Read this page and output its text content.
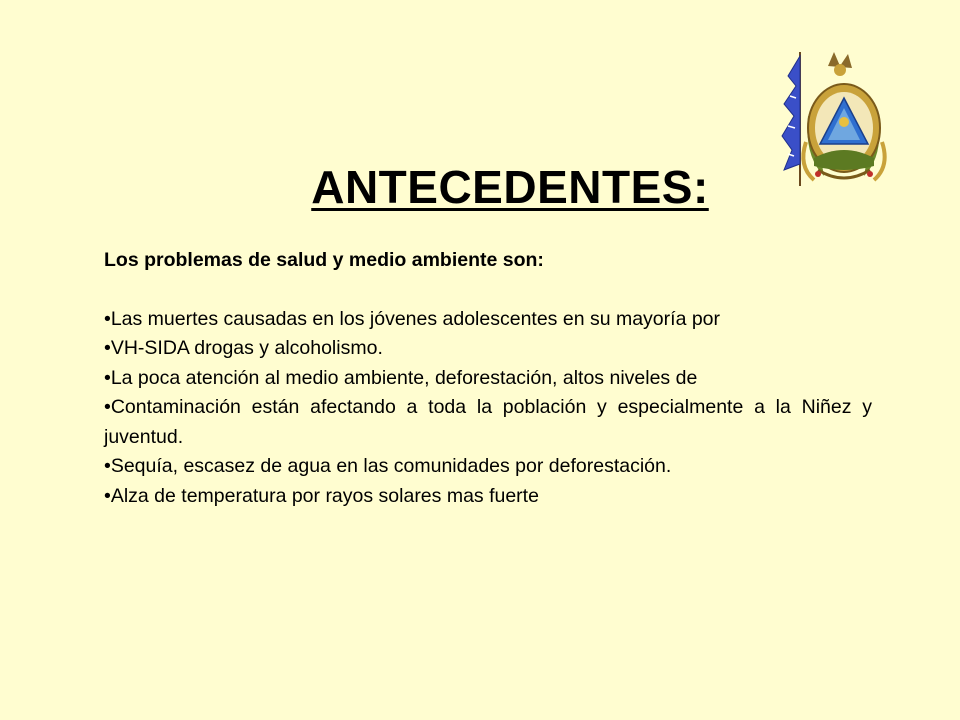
ANTECEDENTES:
Los problemas de salud y medio ambiente son:

•Las muertes causadas en los jóvenes adolescentes en su mayoría por

•VH-SIDA drogas y alcoholismo.

•La poca atención al medio ambiente, deforestación, altos niveles de

•Contaminación están afectando a toda la población y especialmente a la Niñez y juventud.

•Sequía, escasez de agua en las comunidades por deforestación.

•Alza de temperatura por rayos solares mas fuerte
